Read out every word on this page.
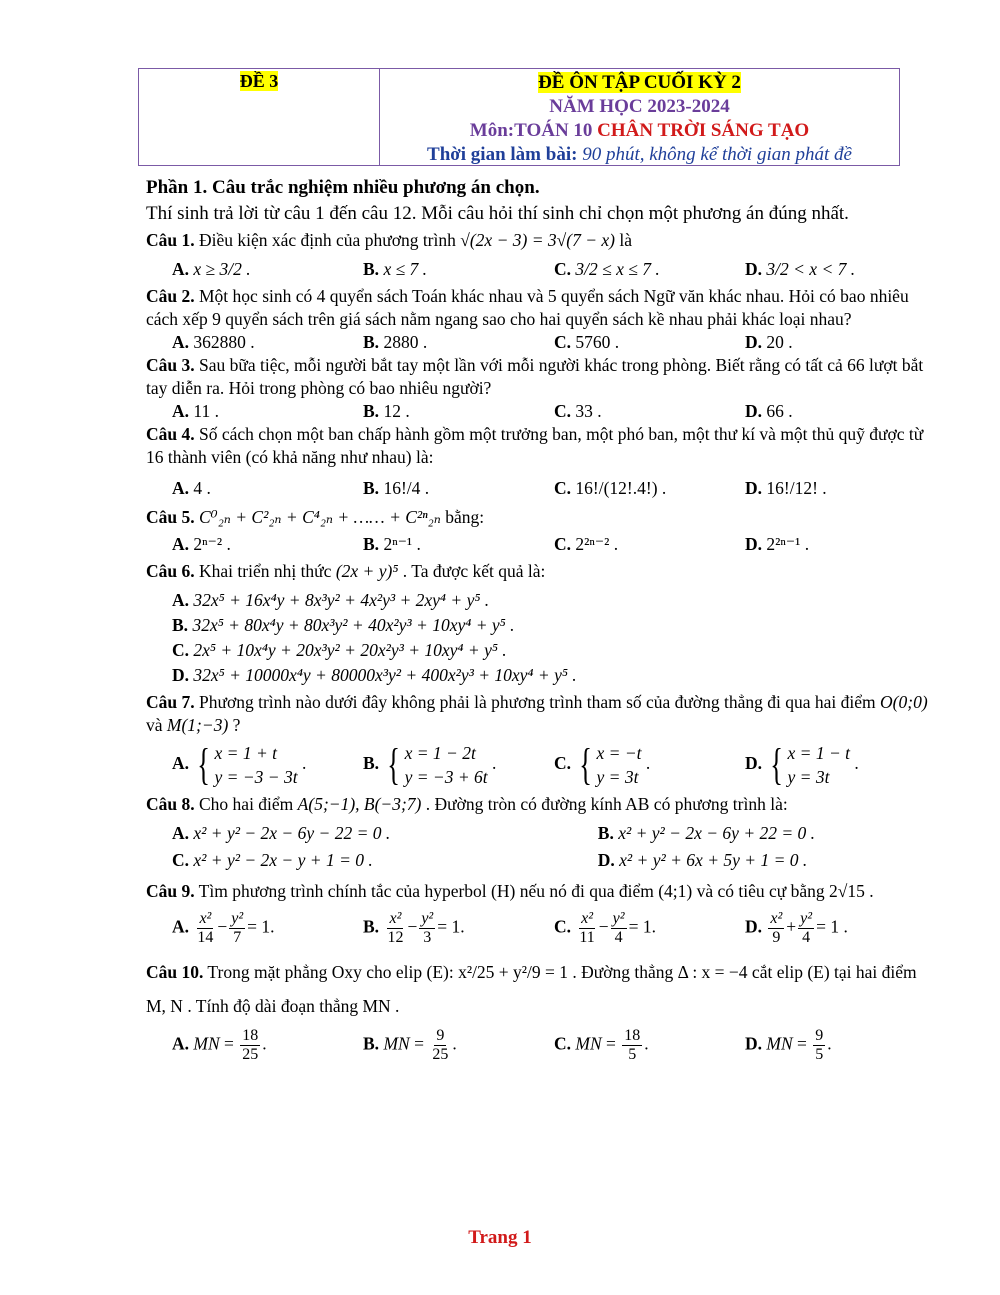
ĐỀ 3	ĐỀ ÔN TẬP CUỐI KỲ 2
NĂM HỌC 2023-2024
Môn:TOÁN 10 CHÂN TRỜI SÁNG TẠO
Thời gian làm bài: 90 phút, không kể thời gian phát đề

Phần 1. Câu trắc nghiệm nhiều phương án chọn.

Thí sinh trả lời từ câu 1 đến câu 12. Mỗi câu hỏi thí sinh chỉ chọn một phương án đúng nhất.

Câu 1. Điều kiện xác định của phương trình √(2x − 3) = 3√(7 − x) là

A. x ≥ 3/2 .	B. x ≤ 7 .	C. 3/2 ≤ x ≤ 7 .	D. 3/2 < x < 7 .

Câu 2. Một học sinh có 4 quyển sách Toán khác nhau và 5 quyển sách Ngữ văn khác nhau. Hỏi có bao nhiêu cách xếp 9 quyển sách trên giá sách nằm ngang sao cho hai quyển sách kề nhau phải khác loại nhau?

A. 362880 .	B. 2880 .	C. 5760 .	D. 20 .

Câu 3. Sau bữa tiệc, mỗi người bắt tay một lần với mỗi người khác trong phòng. Biết rằng có tất cả 66 lượt bắt tay diễn ra. Hỏi trong phòng có bao nhiêu người?

A. 11 .	B. 12 .	C. 33 .	D. 66 .

Câu 4. Số cách chọn một ban chấp hành gồm một trưởng ban, một phó ban, một thư kí và một thủ quỹ được từ 16 thành viên (có khả năng như nhau) là:

A. 4 .	B. 16!/4 .	C. 16!/(12!.4!) .	D. 16!/12! .

Câu 5. C⁰₂ₙ + C²₂ₙ + C⁴₂ₙ + …… + C²ⁿ₂ₙ bằng:

A. 2ⁿ⁻² .	B. 2ⁿ⁻¹ .	C. 2²ⁿ⁻² .	D. 2²ⁿ⁻¹ .

Câu 6. Khai triển nhị thức (2x + y)⁵ . Ta được kết quả là:

A. 32x⁵ + 16x⁴y + 8x³y² + 4x²y³ + 2xy⁴ + y⁵ .
B. 32x⁵ + 80x⁴y + 80x³y² + 40x²y³ + 10xy⁴ + y⁵ .
C. 2x⁵ + 10x⁴y + 20x³y² + 20x²y³ + 10xy⁴ + y⁵ .
D. 32x⁵ + 10000x⁴y + 80000x³y² + 400x²y³ + 10xy⁴ + y⁵ .

Câu 7. Phương trình nào dưới đây không phải là phương trình tham số của đường thẳng đi qua hai điểm O(0;0) và M(1;−3) ?

A. { x = 1 + t
y = −3 − 3t
.	B. { x = 1 − 2t
y = −3 + 6t
.	C. { x = −t
y = 3t
.	D. { x = 1 − t
y = 3t
.

Câu 8. Cho hai điểm A(5;−1), B(−3;7) . Đường tròn có đường kính AB có phương trình là:

A. x² + y² − 2x − 6y − 22 = 0 .	B. x² + y² − 2x − 6y + 22 = 0 .
C. x² + y² − 2x − y + 1 = 0 .	D. x² + y² + 6x + 5y + 1 = 0 .

Câu 9. Tìm phương trình chính tắc của hyperbol (H) nếu nó đi qua điểm (4;1) và có tiêu cự bằng 2√15 .

A. $\frac{\text{x²}}{14} - \frac{\text{y²}}{7} = 1$.	B. $\frac{\text{x²}}{12} - \frac{\text{y²}}{3} = 1$.	C. $\frac{\text{x²}}{11} - \frac{\text{y²}}{4} = 1$.	D. $\frac{\text{x²}}{9} + \frac{\text{y²}}{4} = 1$ .

Câu 10. Trong mặt phẳng Oxy cho elip (E): x²/25 + y²/9 = 1 . Đường thẳng Δ : x = −4 cắt elip (E) tại hai điểm M, N . Tính độ dài đoạn thẳng MN .

A. MN = $\frac{18}{25}$ .	B. MN = $\frac{9}{25}$ .	C. MN = $\frac{18}{5}$ .	D. MN = $\frac{9}{5}$ .
Trang 1
